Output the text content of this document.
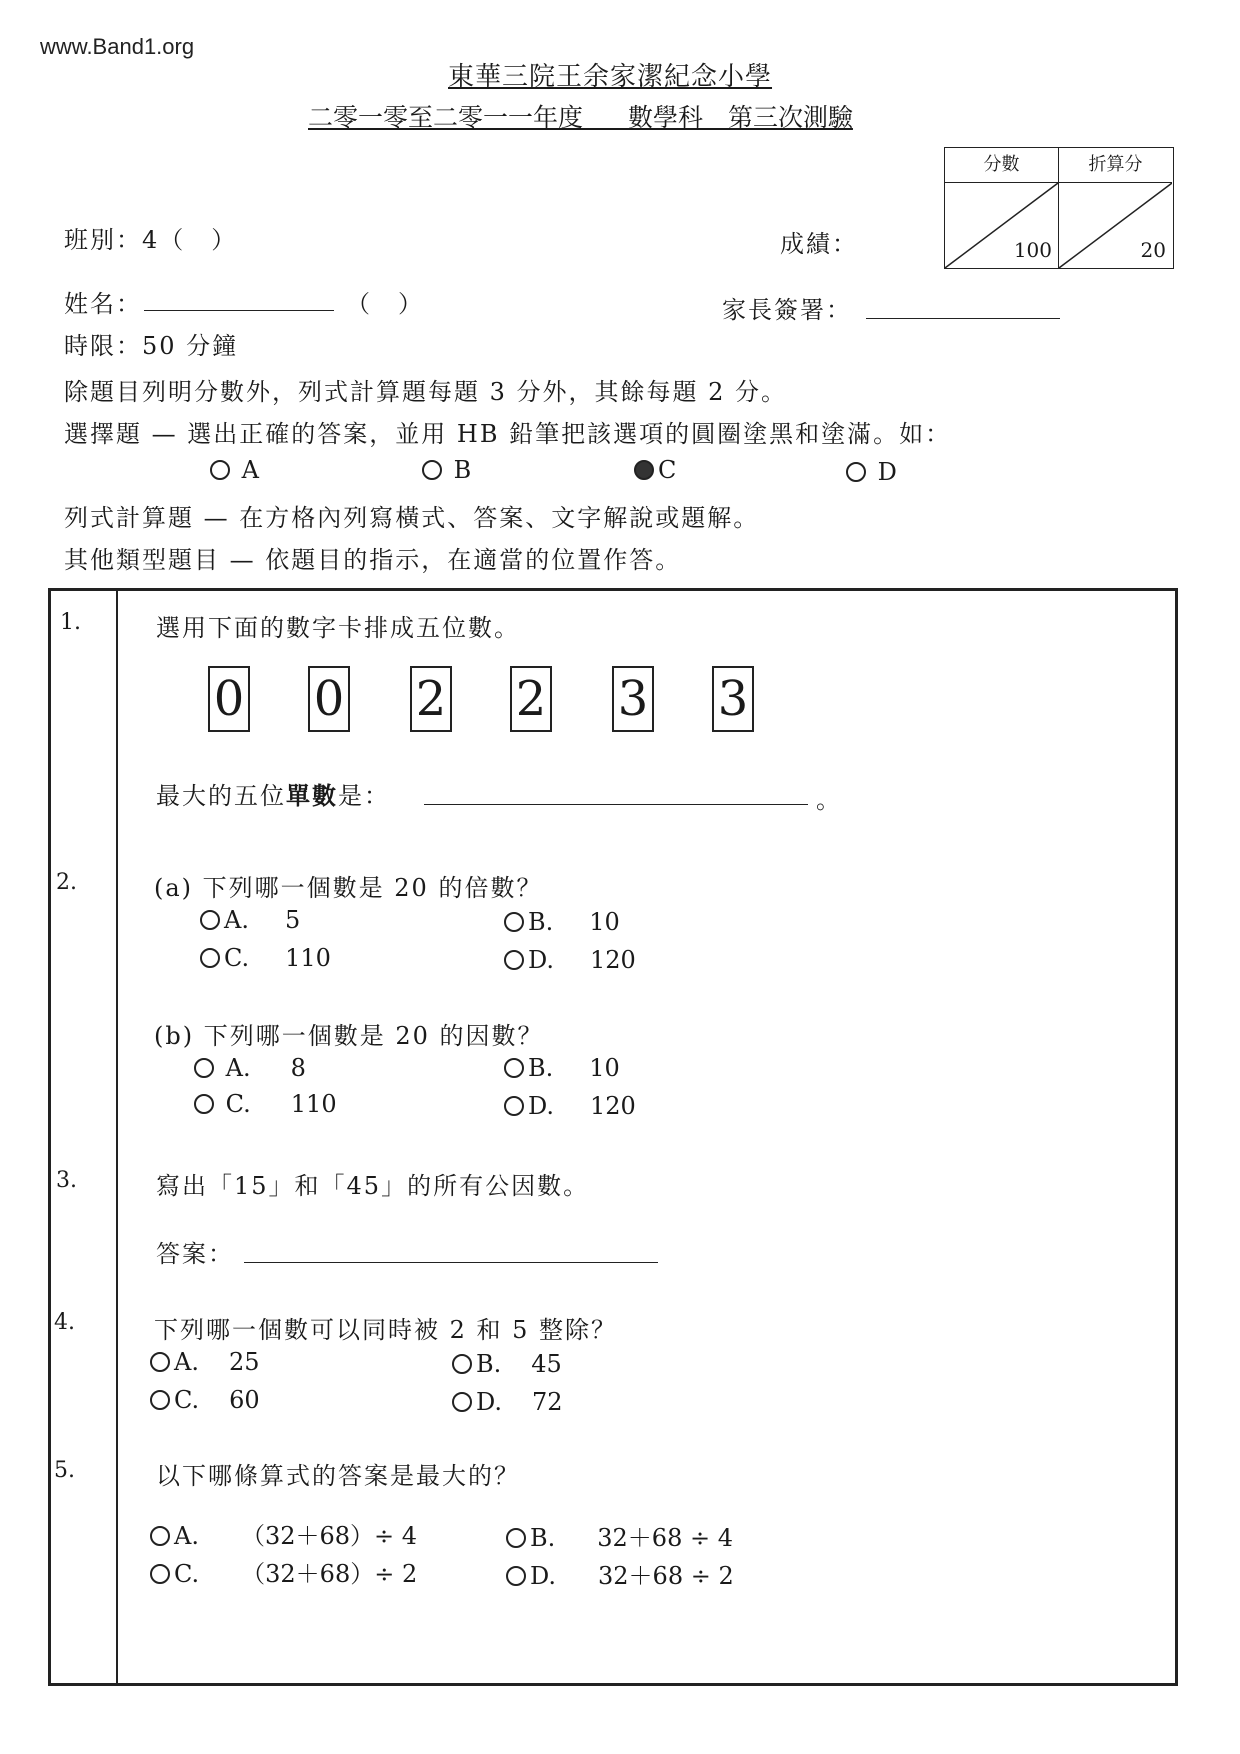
www.Band1.org
東華三院王余家潔紀念小學
二零一零至二零一一年度　 數學科　第三次測驗
分數
100
折算分
20
班別：4（　）	成績：
姓名：	（　）	家長簽署：
時限：50 分鐘
除題目列明分數外，列式計算題每題 3 分外，其餘每題 2 分。
選擇題 — 選出正確的答案，並用 HB 鉛筆把該選項的圓圈塗黑和塗滿。如：
A	B	C	D
列式計算題 — 在方格內列寫橫式、答案、文字解說或題解。
其他類型題目 — 依題目的指示，在適當的位置作答。
1.	選用下面的數字卡排成五位數。
0 0 2 2 3 3
最大的五位單數是：	。
2.	(a) 下列哪一個數是 20 的倍數？
A. 5	B. 10
C. 110	D. 120
(b) 下列哪一個數是 20 的因數？
A. 8	B. 10
C. 110	D. 120
3.	寫出「15」和「45」的所有公因數。
答案：
4.	下列哪一個數可以同時被 2 和 5 整除？
A. 25	B. 45
C. 60	D. 72
5.	以下哪條算式的答案是最大的？
A. （32＋68）÷ 4	B. 32＋68 ÷ 4
C. （32＋68）÷ 2	D. 32＋68 ÷ 2
